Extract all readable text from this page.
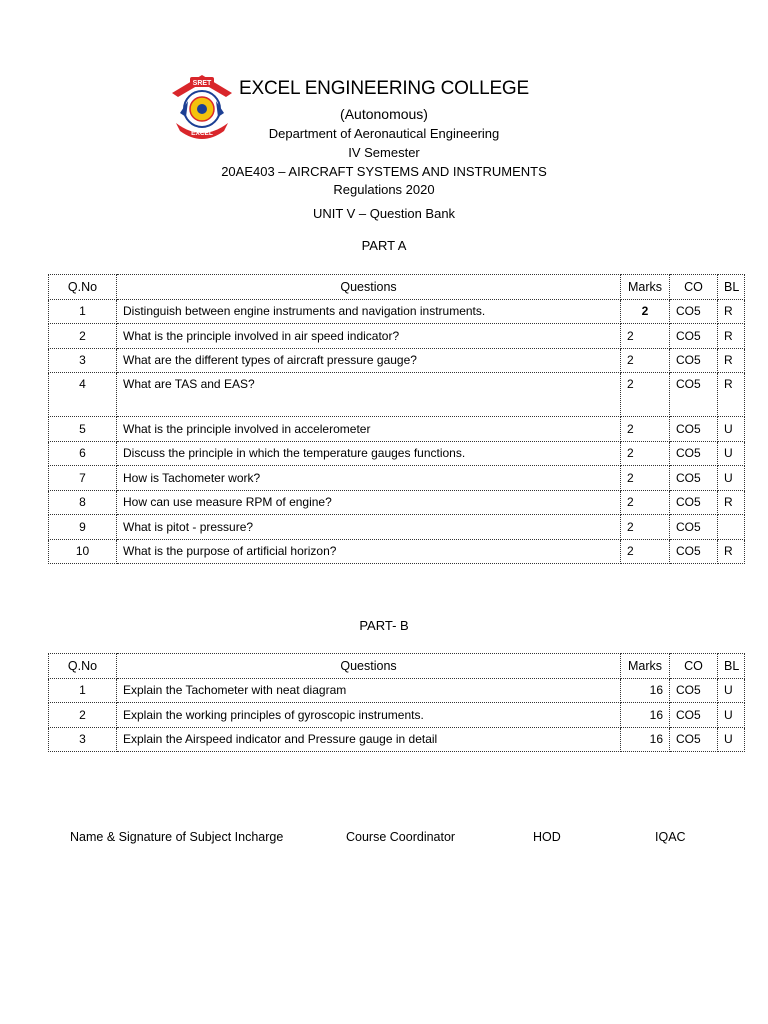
SRET
EXCEL
EXCEL ENGINEERING COLLEGE
(Autonomous)
Department of Aeronautical Engineering
IV Semester
20AE403 – AIRCRAFT SYSTEMS AND INSTRUMENTS
Regulations 2020
UNIT V – Question Bank
PART A
Q.No	Questions	Marks	CO	BL
1	Distinguish between engine instruments and navigation instruments.	2	CO5	R
2	What is the principle involved in air speed indicator?	2	CO5	R
3	What are the different types of aircraft pressure gauge?	2	CO5	R
4	What are TAS and EAS?	2	CO5	R
5	What is the principle involved in accelerometer	2	CO5	U
6	Discuss the principle in which the temperature gauges functions.	2	CO5	U
7	How is Tachometer work?	2	CO5	U
8	How can use measure RPM of engine?	2	CO5	R
9	What is pitot - pressure?	2	CO5	
10	What is the purpose of artificial horizon?	2	CO5	R
PART- B
Q.No	Questions	Marks	CO	BL
1	Explain the Tachometer with neat diagram	16	CO5	U
2	Explain the working principles of gyroscopic instruments.	16	CO5	U
3	Explain the Airspeed indicator and Pressure gauge in detail	16	CO5	U
Name & Signature of Subject Incharge	Course Coordinator	HOD	IQAC
